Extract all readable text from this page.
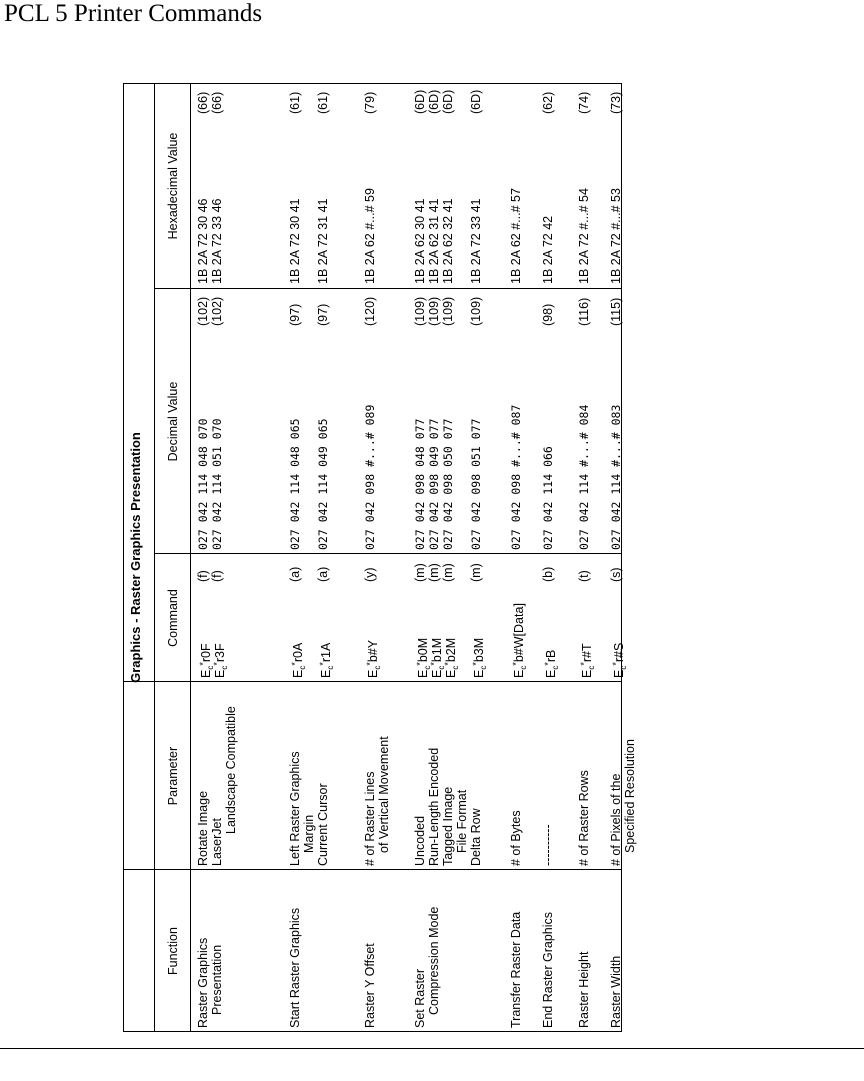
PCL 5 Printer Commands
Graphics - Raster Graphics Presentation
Function
Parameter
Command
Decimal Value
Hexadecimal Value
Raster Graphics Presentation
Rotate Image LaserJet
Landscape Compatible
$E_c^*r0F$
(f)
027 042 114 048 070
(102)
1B 2A 72 30 46
(66)
$E_c^*r3F$
(f)
027 042 114 051 070
(102)
1B 2A 72 33 46
(66)
Start Raster Graphics
Left Raster Graphics Margin Current Cursor
$E_c^*r0A$
(a)
027 042 114 048 065
(97)
1B 2A 72 30 41
(61)
$E_c^*r1A$
(a)
027 042 114 049 065
(97)
1B 2A 72 31 41
(61)
Raster Y Offset
# of Raster Lines of Vertical Movement
$E_c^*b\#Y$
(y)
027 042 098 #...# 089
(120)
1B 2A 62 #...# 59
(79)
Set Raster Compression Mode
Uncoded Run-Length Encoded Tagged Image File Format Delta Row
$E_c^*b0M$
(m)
027 042 098 048 077
(109)
1B 2A 62 30 41
(6D)
$E_c^*b1M$
(m)
027 042 098 049 077
(109)
1B 2A 62 31 41
(6D)
$E_c^*b2M$
(m)
027 042 098 050 077
(109)
1B 2A 62 32 41
(6D)
$E_c^*b3M$
(m)
027 042 098 051 077
(109)
1B 2A 72 33 41
(6D)
Transfer Raster Data
# of Bytes
$E_c^*b\#W[Data]$
027 042 098 #...# 087
1B 2A 62 #...# 57
End Raster Graphics
----------
$E_c^*rB$
(b)
027 042 114 066
(98)
1B 2A 72 42
(62)
Raster Height
# of Raster Rows
$E_c^*r\#T$
(t)
027 042 114 #...# 084
(116)
1B 2A 72 #...# 54
(74)
Raster Width
# of Pixels of the Specified Resolution
$E_c^*r\#S$
(s)
027 042 114 #...# 083
(115)
1B 2A 72 #...# 53
(73)
